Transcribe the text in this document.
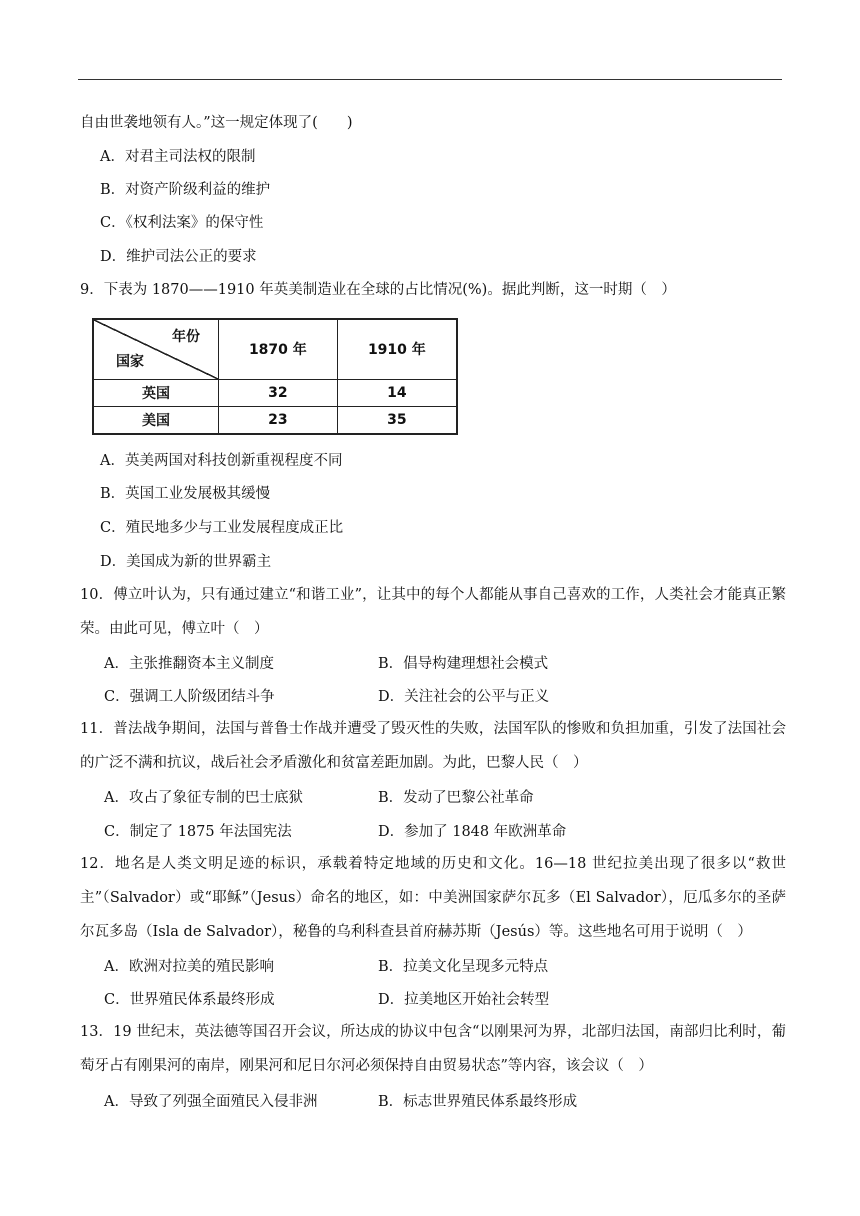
自由世袭地领有人。”这一规定体现了(　　)
A．对君主司法权的限制
B．对资产阶级利益的维护
C．《权利法案》的保守性
D．维护司法公正的要求
9．下表为 1870——1910 年英美制造业在全球的占比情况(%)。据此判断，这一时期（　）
年份
国家	1870 年	1910 年
英国	32	14
美国	23	35
A．英美两国对科技创新重视程度不同
B．英国工业发展极其缓慢
C．殖民地多少与工业发展程度成正比
D．美国成为新的世界霸主
10．傅立叶认为，只有通过建立“和谐工业”，让其中的每个人都能从事自己喜欢的工作，人类社会才能真正繁荣。由此可见，傅立叶（　）
A．主张推翻资本主义制度	B．倡导构建理想社会模式
C．强调工人阶级团结斗争	D．关注社会的公平与正义
11．普法战争期间，法国与普鲁士作战并遭受了毁灭性的失败，法国军队的惨败和负担加重，引发了法国社会的广泛不满和抗议，战后社会矛盾激化和贫富差距加剧。为此，巴黎人民（　）
A．攻占了象征专制的巴士底狱	B．发动了巴黎公社革命
C．制定了 1875 年法国宪法	D．参加了 1848 年欧洲革命
12．地名是人类文明足迹的标识，承载着特定地域的历史和文化。16—18 世纪拉美出现了很多以“救世主”（Salvador）或“耶稣”（Jesus）命名的地区，如：中美洲国家萨尔瓦多（El Salvador），厄瓜多尔的圣萨尔瓦多岛（Isla de Salvador），秘鲁的乌利科查县首府赫苏斯（Jesús）等。这些地名可用于说明（　）
A．欧洲对拉美的殖民影响	B．拉美文化呈现多元特点
C．世界殖民体系最终形成	D．拉美地区开始社会转型
13．19 世纪末，英法德等国召开会议，所达成的协议中包含“以刚果河为界，北部归法国，南部归比利时，葡萄牙占有刚果河的南岸，刚果河和尼日尔河必须保持自由贸易状态”等内容，该会议（　）
A．导致了列强全面殖民入侵非洲	B．标志世界殖民体系最终形成
